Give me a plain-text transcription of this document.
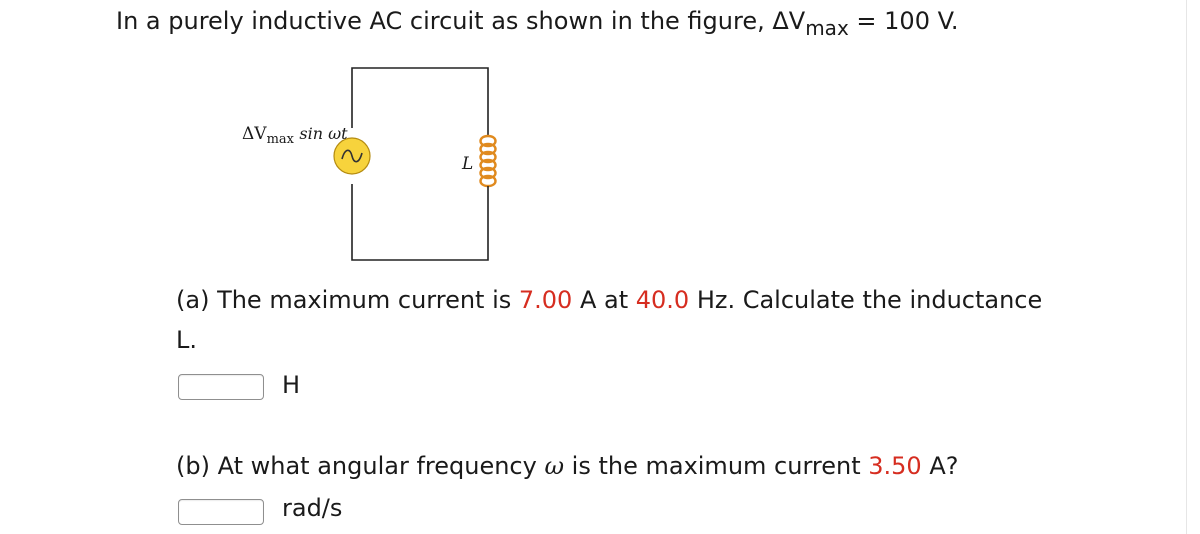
In a purely inductive AC circuit as shown in the figure, $\Delta V_{max} = 100$ V.
$\Delta V_{max}$ sin ωt
L
(a) The maximum current is 7.00 A at 40.0 Hz. Calculate the inductance
L.
H
(b) At what angular frequency ω is the maximum current 3.50 A?
rad/s
